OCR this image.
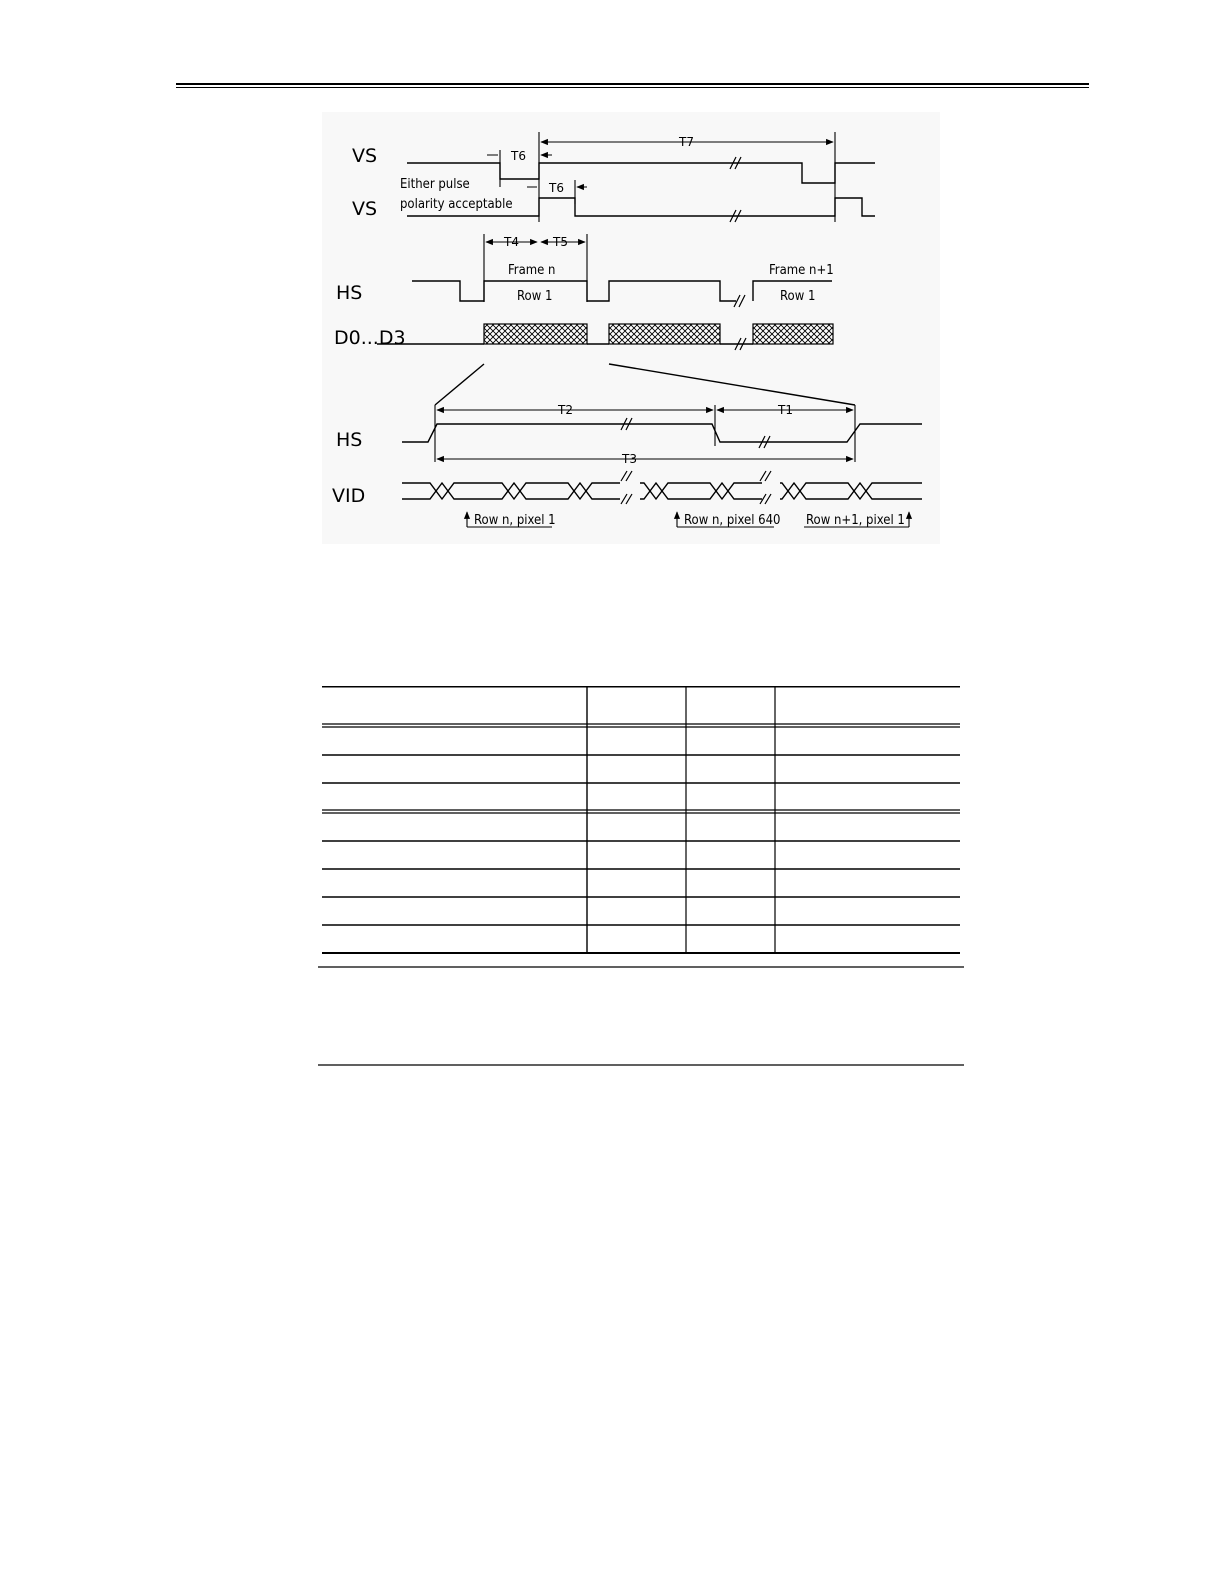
VS
VS
HS
D0...D3
HS
VID
Either pulse
polarity acceptable
T7
T6
T6
T4	T5
T2	T1
T3
Frame n
Row 1
Frame n+1
Row 1
Row n, pixel 1	Row n, pixel 640 Row n+1, pixel 1
